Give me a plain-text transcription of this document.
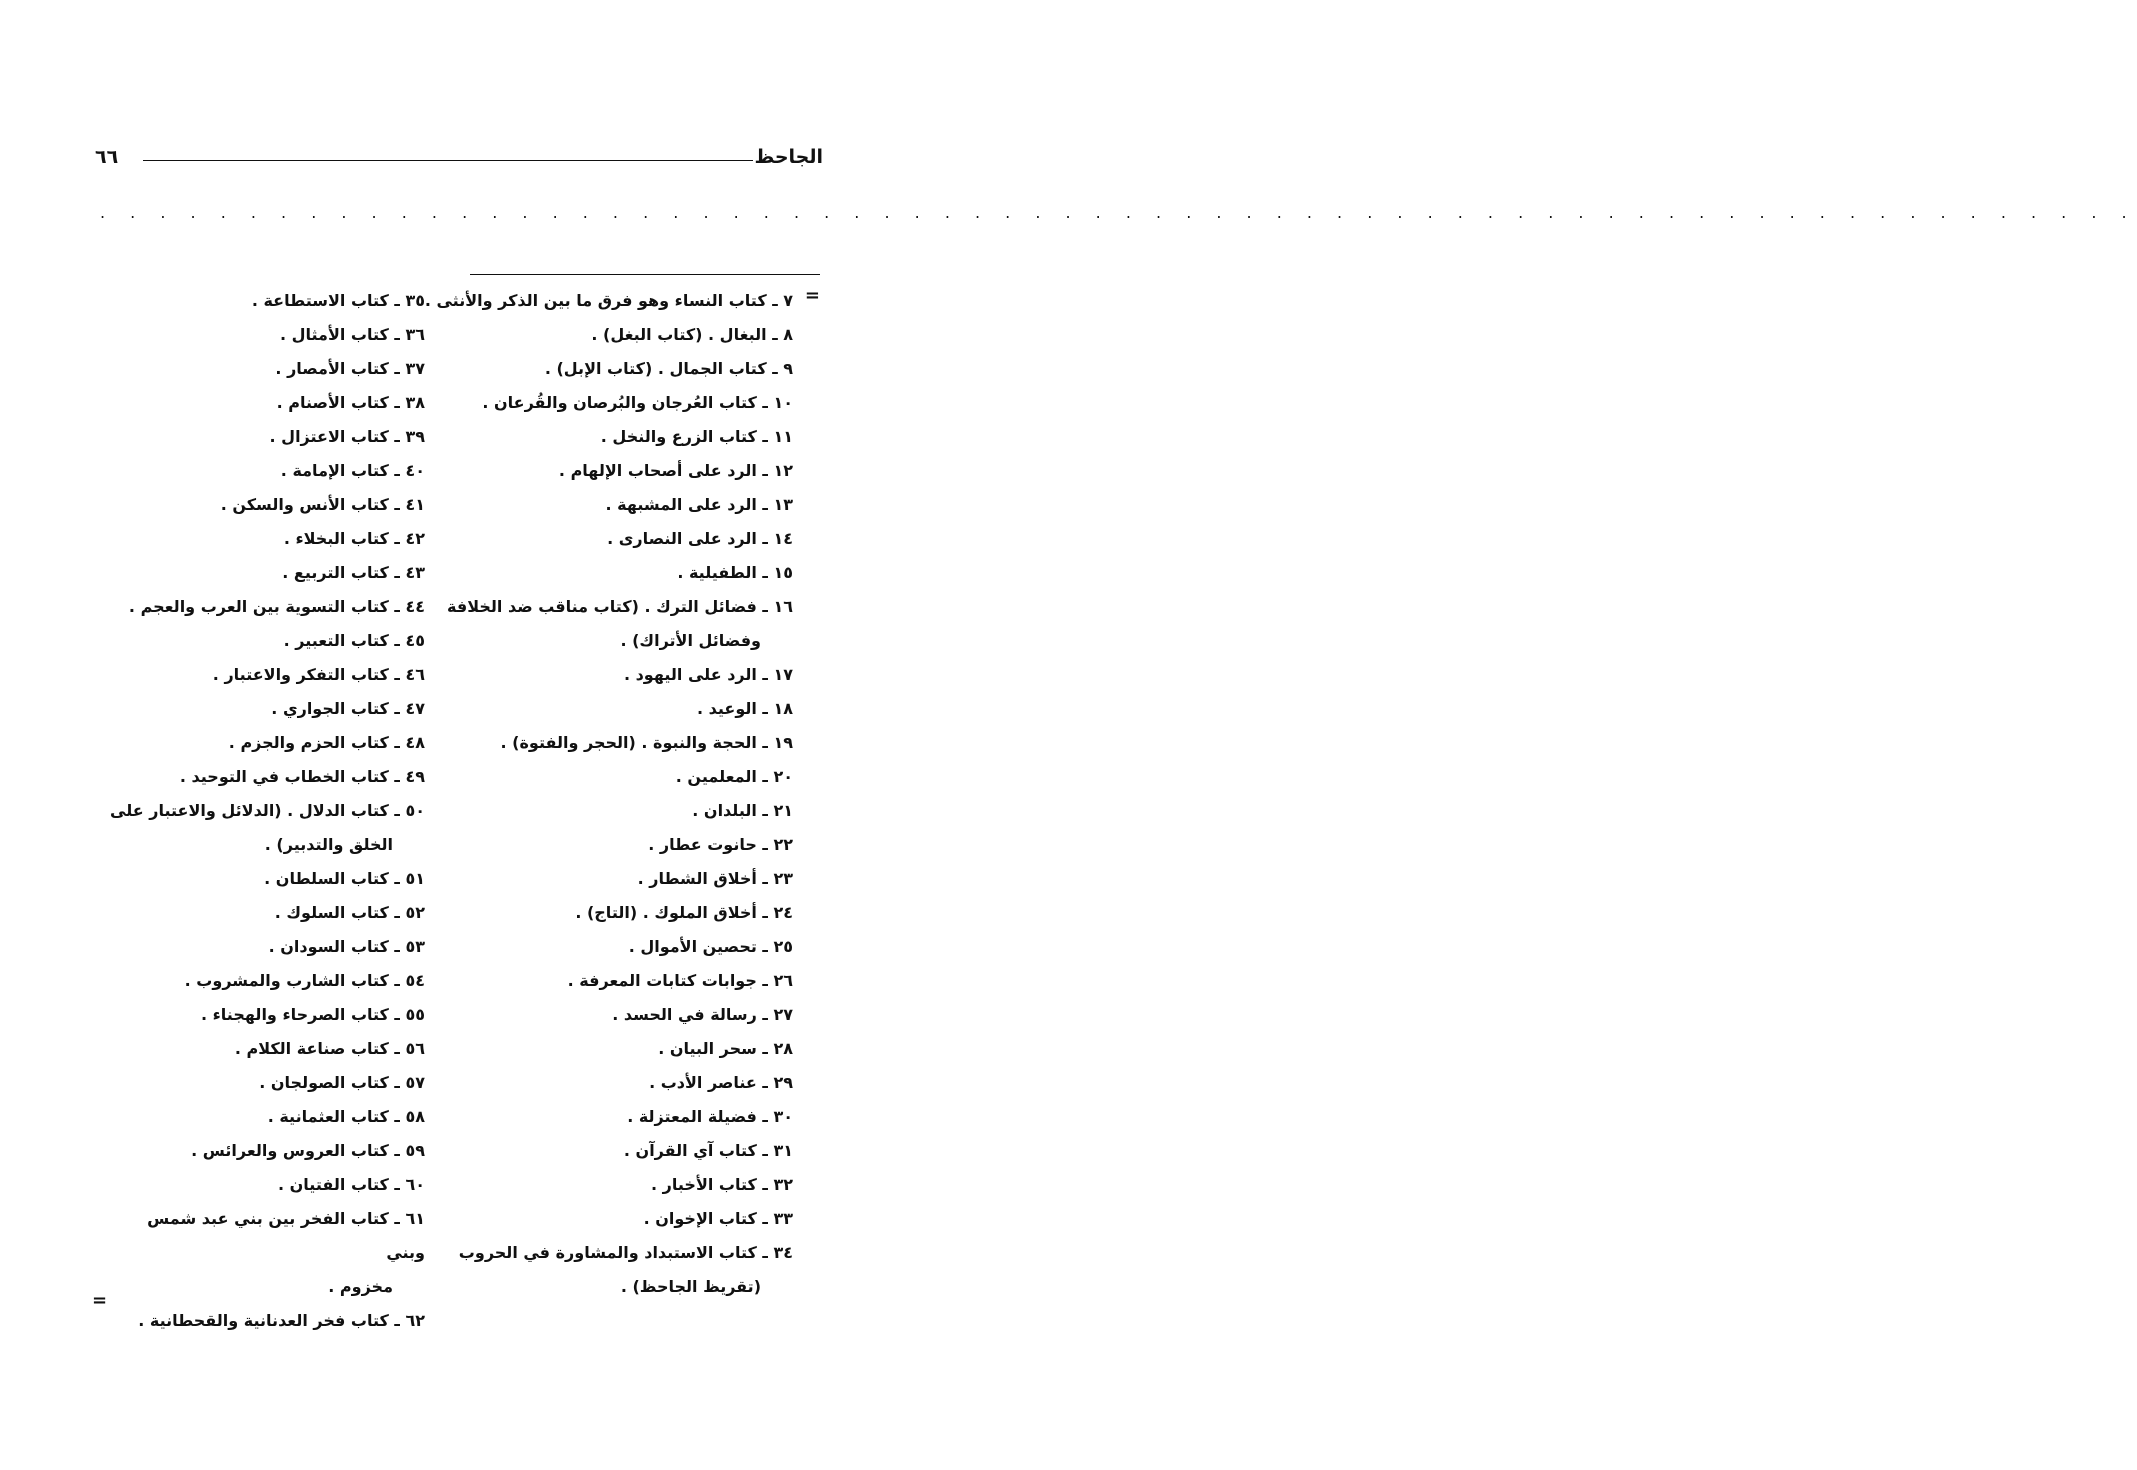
الجاحظ
٦٦
. . . . . . . . . . . . . . . . . . . . . . . . . . . . . . . . . . . . . . . . . . . . . . . . . . . . . . . . . . . . . . . . . . . .
=
٧ ـ كتاب النساء وهو فرق ما بين الذكر والأنثى .
٨ ـ البغال . (كتاب البغل) .
٩ ـ كتاب الجمال . (كتاب الإبل) .
١٠ ـ كتاب العُرجان والبُرصان والقُرعان .
١١ ـ كتاب الزرع والنخل .
١٢ ـ الرد على أصحاب الإلهام .
١٣ ـ الرد على المشبهة .
١٤ ـ الرد على النصارى .
١٥ ـ الطفيلية .
١٦ ـ فضائل الترك . (كتاب مناقب ضد الخلافة
وفضائل الأتراك) .
١٧ ـ الرد على اليهود .
١٨ ـ الوعيد .
١٩ ـ الحجة والنبوة . (الحجر والفتوة) .
٢٠ ـ المعلمين .
٢١ ـ البلدان .
٢٢ ـ حانوت عطار .
٢٣ ـ أخلاق الشطار .
٢٤ ـ أخلاق الملوك . (التاج) .
٢٥ ـ تحصين الأموال .
٢٦ ـ جوابات كتابات المعرفة .
٢٧ ـ رسالة في الحسد .
٢٨ ـ سحر البيان .
٢٩ ـ عناصر الأدب .
٣٠ ـ فضيلة المعتزلة .
٣١ ـ كتاب آي القرآن .
٣٢ ـ كتاب الأخبار .
٣٣ ـ كتاب الإخوان .
٣٤ ـ كتاب الاستبداد والمشاورة في الحروب
(تقريظ الجاحظ) .
٣٥ ـ كتاب الاستطاعة .
٣٦ ـ كتاب الأمثال .
٣٧ ـ كتاب الأمصار .
٣٨ ـ كتاب الأصنام .
٣٩ ـ كتاب الاعتزال .
٤٠ ـ كتاب الإمامة .
٤١ ـ كتاب الأنس والسكن .
٤٢ ـ كتاب البخلاء .
٤٣ ـ كتاب التربيع .
٤٤ ـ كتاب التسوية بين العرب والعجم .
٤٥ ـ كتاب التعبير .
٤٦ ـ كتاب التفكر والاعتبار .
٤٧ ـ كتاب الجواري .
٤٨ ـ كتاب الحزم والجزم .
٤٩ ـ كتاب الخطاب في التوحيد .
٥٠ ـ كتاب الدلال . (الدلائل والاعتبار على
الخلق والتدبير) .
٥١ ـ كتاب السلطان .
٥٢ ـ كتاب السلوك .
٥٣ ـ كتاب السودان .
٥٤ ـ كتاب الشارب والمشروب .
٥٥ ـ كتاب الصرحاء والهجناء .
٥٦ ـ كتاب صناعة الكلام .
٥٧ ـ كتاب الصولجان .
٥٨ ـ كتاب العثمانية .
٥٩ ـ كتاب العروس والعرائس .
٦٠ ـ كتاب الفتيان .
٦١ ـ كتاب الفخر بين بني عبد شمس وبني
مخزوم .
٦٢ ـ كتاب فخر العدنانية والقحطانية .
=
